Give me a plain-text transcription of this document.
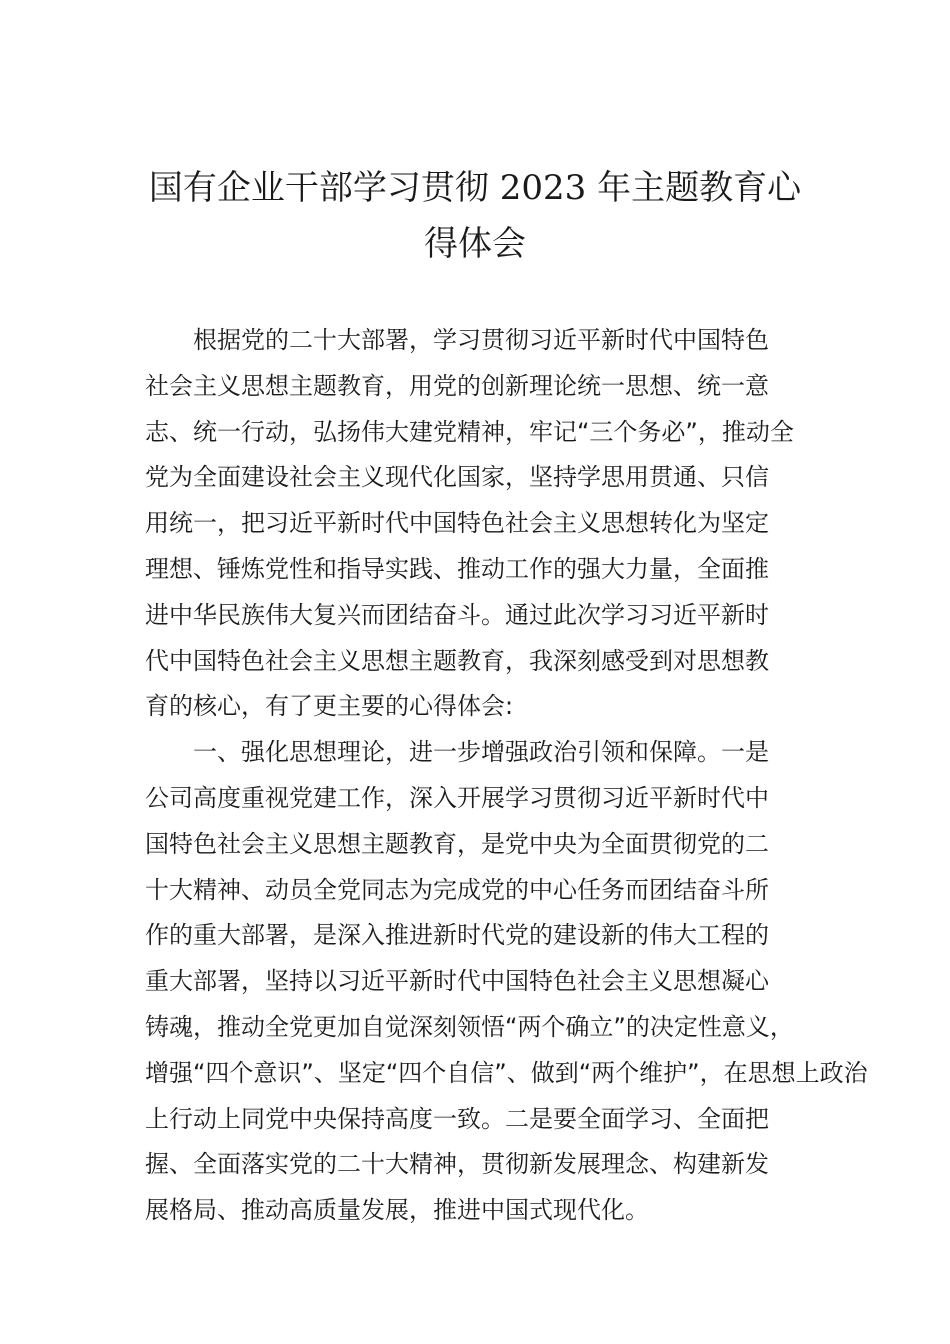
国有企业干部学习贯彻 2023 年主题教育心
得体会
根据党的二十大部署，学习贯彻习近平新时代中国特色
社会主义思想主题教育，用党的创新理论统一思想、统一意
志、统一行动，弘扬伟大建党精神，牢记“三个务必”，推动全
党为全面建设社会主义现代化国家，坚持学思用贯通、只信
用统一，把习近平新时代中国特色社会主义思想转化为坚定
理想、锤炼党性和指导实践、推动工作的强大力量，全面推
进中华民族伟大复兴而团结奋斗。通过此次学习习近平新时
代中国特色社会主义思想主题教育，我深刻感受到对思想教
育的核心，有了更主要的心得体会:
一、强化思想理论，进一步增强政治引领和保障。一是
公司高度重视党建工作，深入开展学习贯彻习近平新时代中
国特色社会主义思想主题教育，是党中央为全面贯彻党的二
十大精神、动员全党同志为完成党的中心任务而团结奋斗所
作的重大部署，是深入推进新时代党的建设新的伟大工程的
重大部署，坚持以习近平新时代中国特色社会主义思想凝心
铸魂，推动全党更加自觉深刻领悟“两个确立”的决定性意义，
增强“四个意识”、坚定“四个自信”、做到“两个维护”，在思想上政治
上行动上同党中央保持高度一致。二是要全面学习、全面把
握、全面落实党的二十大精神，贯彻新发展理念、构建新发
展格局、推动高质量发展，推进中国式现代化。
